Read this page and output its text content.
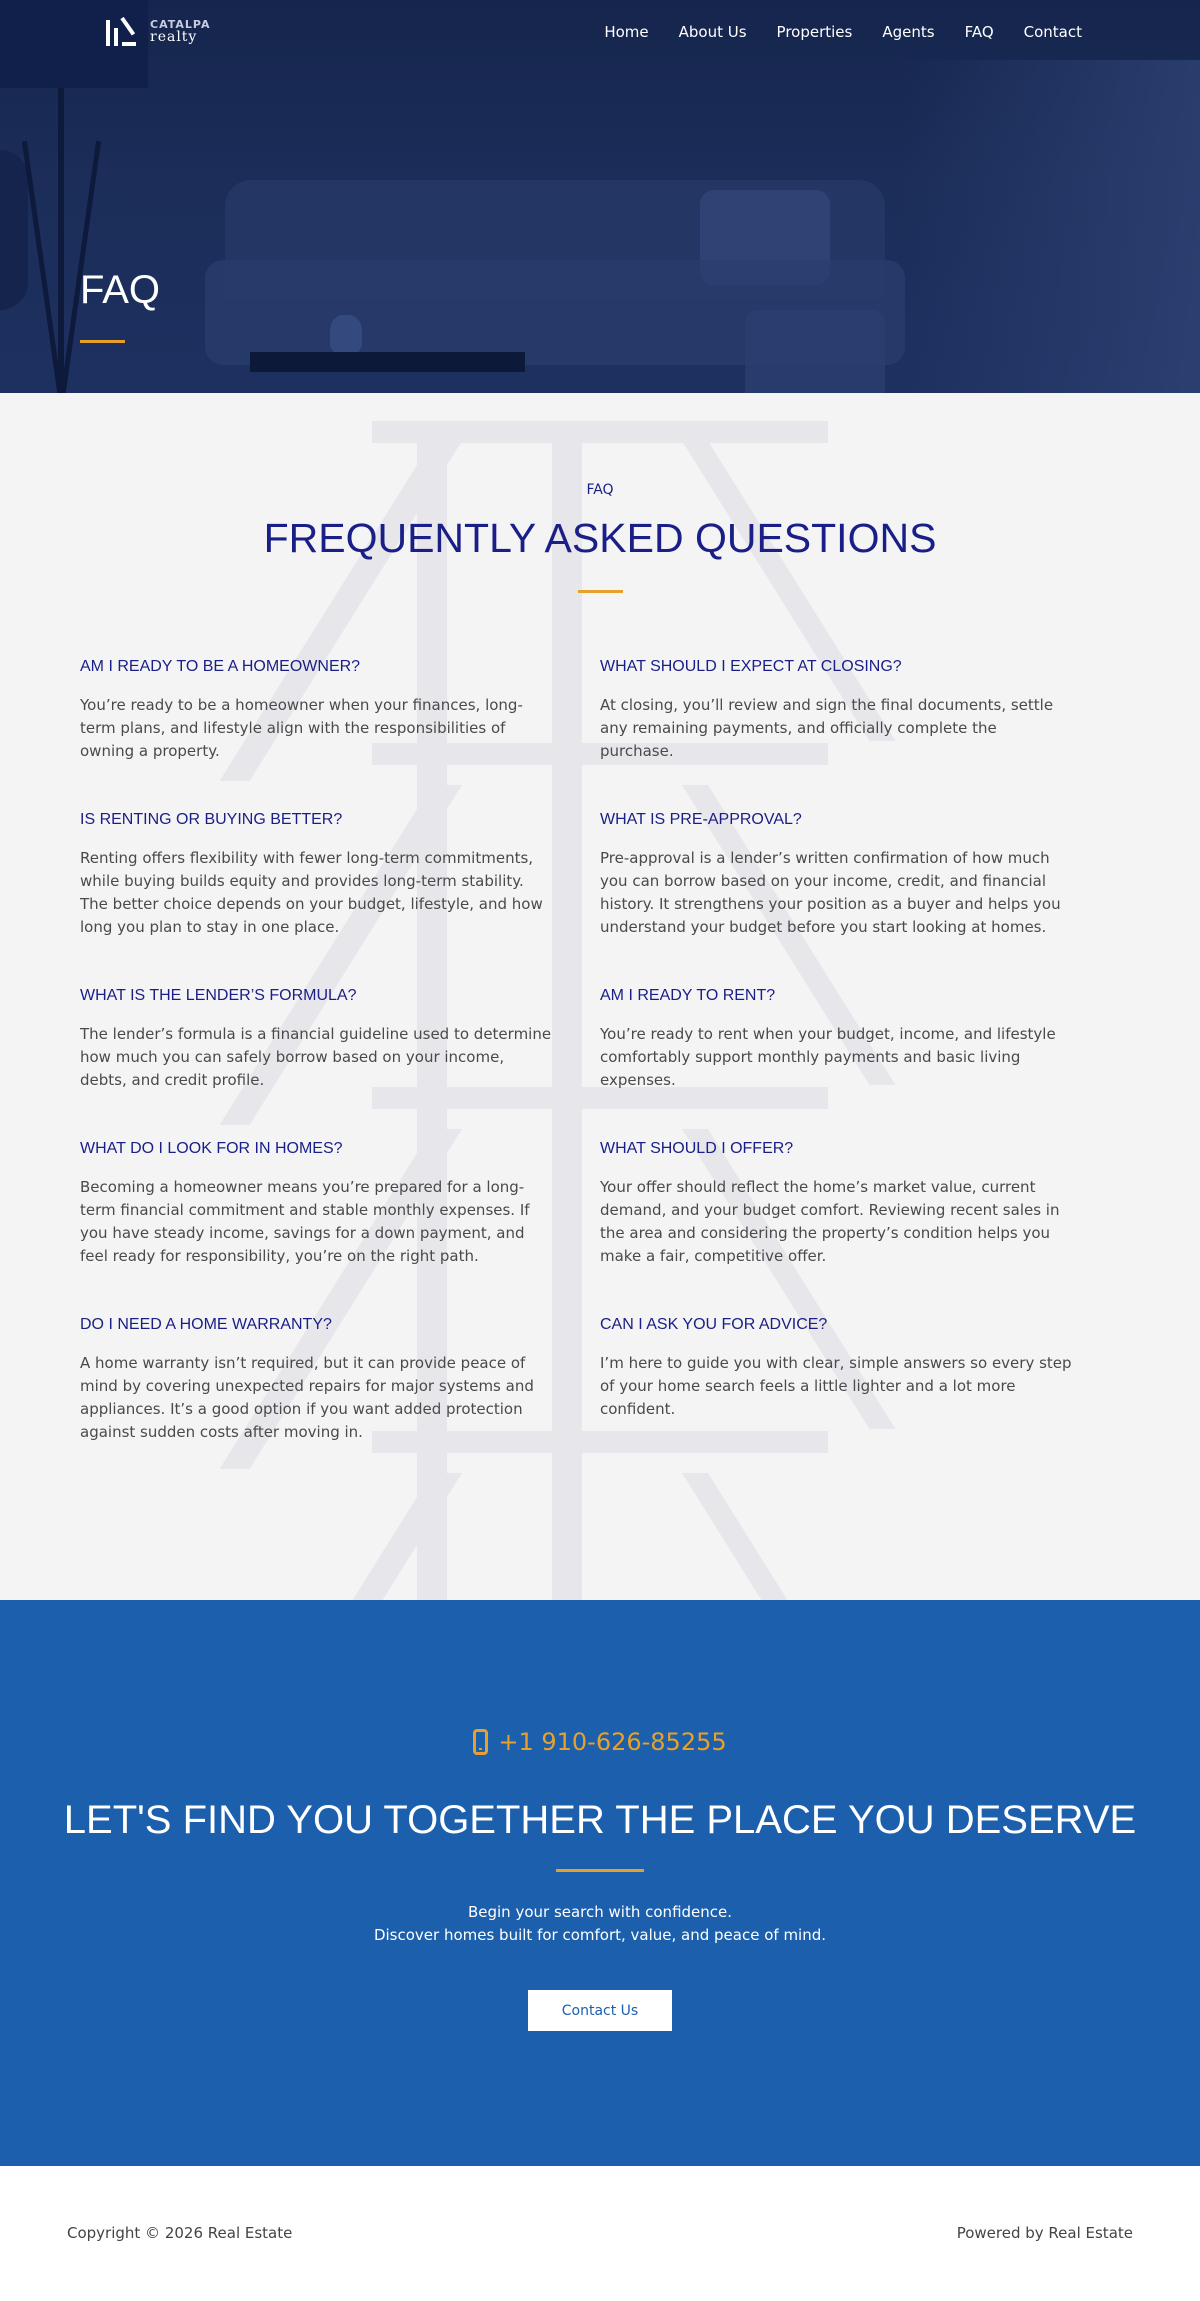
CATALPA
realty	Home About Us Properties Agents FAQ Contact
FAQ
FAQ
FREQUENTLY ASKED QUESTIONS
AM I READY TO BE A HOMEOWNER?

You’re ready to be a homeowner when your finances, long-term plans, and lifestyle align with the responsibilities of owning a property.

IS RENTING OR BUYING BETTER?

Renting offers flexibility with fewer long-term commitments, while buying builds equity and provides long-term stability. The better choice depends on your budget, lifestyle, and how long you plan to stay in one place.

WHAT IS THE LENDER’S FORMULA?

The lender’s formula is a financial guideline used to determine how much you can safely borrow based on your income, debts, and credit profile.

WHAT DO I LOOK FOR IN HOMES?

Becoming a homeowner means you’re prepared for a long-term financial commitment and stable monthly expenses. If you have steady income, savings for a down payment, and feel ready for responsibility, you’re on the right path.

DO I NEED A HOME WARRANTY?

A home warranty isn’t required, but it can provide peace of mind by covering unexpected repairs for major systems and appliances. It’s a good option if you want added protection against sudden costs after moving in.

WHAT SHOULD I EXPECT AT CLOSING?

At closing, you’ll review and sign the final documents, settle any remaining payments, and officially complete the purchase.

WHAT IS PRE-APPROVAL?

Pre-approval is a lender’s written confirmation of how much you can borrow based on your income, credit, and financial history. It strengthens your position as a buyer and helps you understand your budget before you start looking at homes.

AM I READY TO RENT?

You’re ready to rent when your budget, income, and lifestyle comfortably support monthly payments and basic living expenses.

WHAT SHOULD I OFFER?

Your offer should reflect the home’s market value, current demand, and your budget comfort. Reviewing recent sales in the area and considering the property’s condition helps you make a fair, competitive offer.

CAN I ASK YOU FOR ADVICE?

I’m here to guide you with clear, simple answers so every step of your home search feels a little lighter and a lot more confident.

+1 910-626-85255
LET'S FIND YOU TOGETHER THE PLACE YOU DESERVE
Begin your search with confidence.
Discover homes built for comfort, value, and peace of mind.
Contact Us
Copyright © 2026 Real Estate	Powered by Real Estate
